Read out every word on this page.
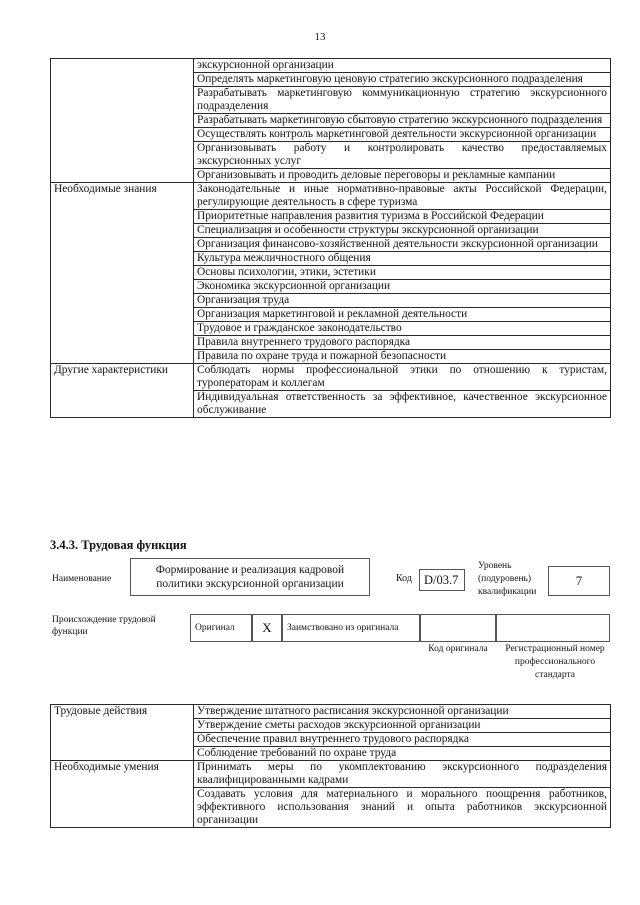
13
	экскурсионной организации
	Определять маркетинговую ценовую стратегию экскурсионного подразделения
	Разрабатывать маркетинговую коммуникационную стратегию экскурсионного подразделения
	Разрабатывать маркетинговую сбытовую стратегию экскурсионного подразделения
	Осуществлять контроль маркетинговой деятельности экскурсионной организации
	Организовывать работу и контролировать качество предоставляемых экскурсионных услуг
	Организовывать и проводить деловые переговоры и рекламные кампании
Необходимые знания	Законодательные и иные нормативно-правовые акты Российской Федерации, регулирующие деятельность в сфере туризма
	Приоритетные направления развития туризма в Российской Федерации
	Специализация и особенности структуры экскурсионной организации
	Организация финансово-хозяйственной деятельности экскурсионной организации
	Культура межличностного общения
	Основы психологии, этики, эстетики
	Экономика экскурсионной организации
	Организация труда
	Организация маркетинговой и рекламной деятельности
	Трудовое и гражданское законодательство
	Правила внутреннего трудового распорядка
	Правила по охране труда и пожарной безопасности
Другие характеристики	Соблюдать нормы профессиональной этики по отношению к туристам, туроператорам и коллегам
	Индивидуальная ответственность за эффективное, качественное экскурсионное обслуживание
3.4.3. Трудовая функция
Наименование
Формирование и реализация кадровой политики экскурсионной организации	Код D/03.7
Уровень (подуровень) квалификации
7
Происхождение трудовой функции	Оригинал	X	Заимствовано из оригинала
Код оригинала	Регистрационный номер профессионального стандарта
Трудовые действия	Утверждение штатного расписания экскурсионной организации
	Утверждение сметы расходов экскурсионной организации
	Обеспечение правил внутреннего трудового распорядка
	Соблюдение требований по охране труда
Необходимые умения	Принимать меры по укомплектованию экскурсионного подразделения квалифицированными кадрами
	Создавать условия для материального и морального поощрения работников, эффективного использования знаний и опыта работников экскурсионной организации
